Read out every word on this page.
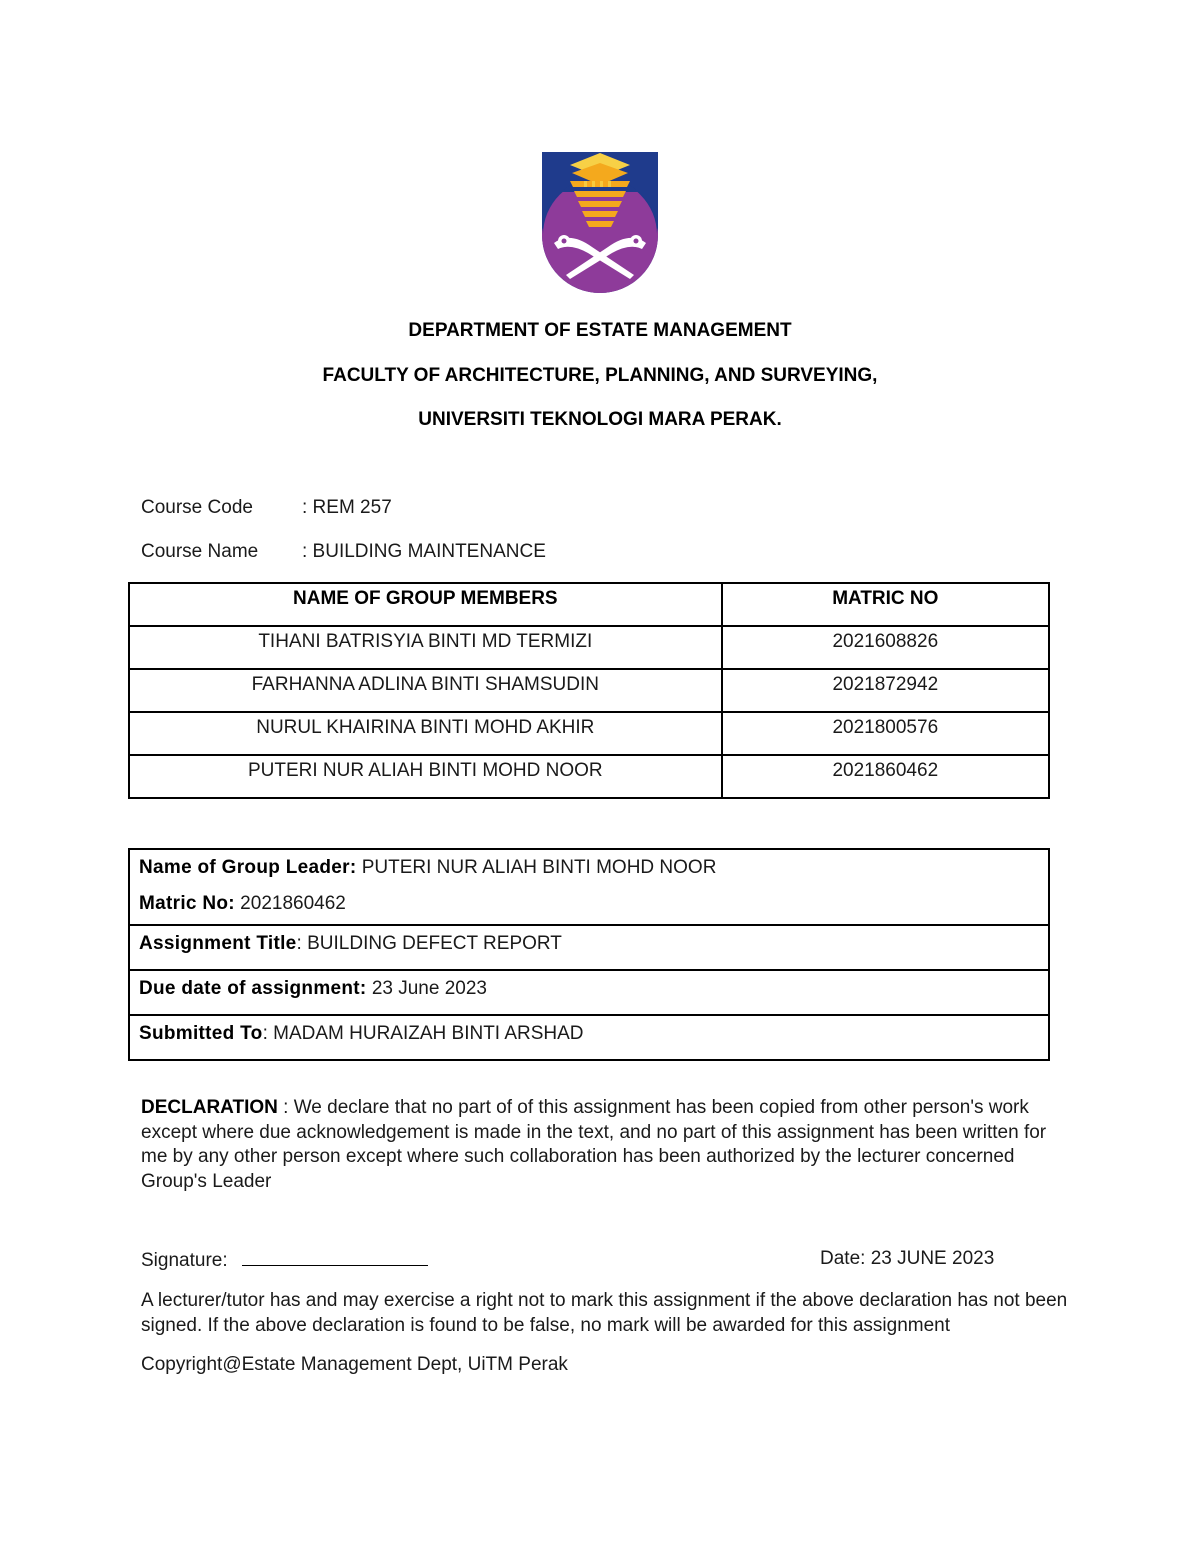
DEPARTMENT OF ESTATE MANAGEMENT
FACULTY OF ARCHITECTURE, PLANNING, AND SURVEYING,
UNIVERSITI TEKNOLOGI MARA PERAK.
Course Code	: REM 257
Course Name : BUILDING MAINTENANCE
NAME OF GROUP MEMBERS	MATRIC NO
TIHANI BATRISYIA BINTI MD TERMIZI	2021608826
FARHANNA ADLINA BINTI SHAMSUDIN	2021872942
NURUL KHAIRINA BINTI MOHD AKHIR	2021800576
PUTERI NUR ALIAH BINTI MOHD NOOR	2021860462
Name of Group Leader: PUTERI NUR ALIAH BINTI MOHD NOOR
Matric No: 2021860462
Assignment Title: BUILDING DEFECT REPORT
Due date of assignment: 23 June 2023
Submitted To: MADAM HURAIZAH BINTI ARSHAD
DECLARATION : We declare that no part of of this assignment has been copied from other person's work except where due acknowledgement is made in the text, and no part of this assignment has been written for me by any other person except where such collaboration has been authorized by the lecturer concerned Group's Leader
Signature:	Date: 23 JUNE 2023
A lecturer/tutor has and may exercise a right not to mark this assignment if the above declaration has not been signed. If the above declaration is found to be false, no mark will be awarded for this assignment
Copyright@Estate Management Dept, UiTM Perak
